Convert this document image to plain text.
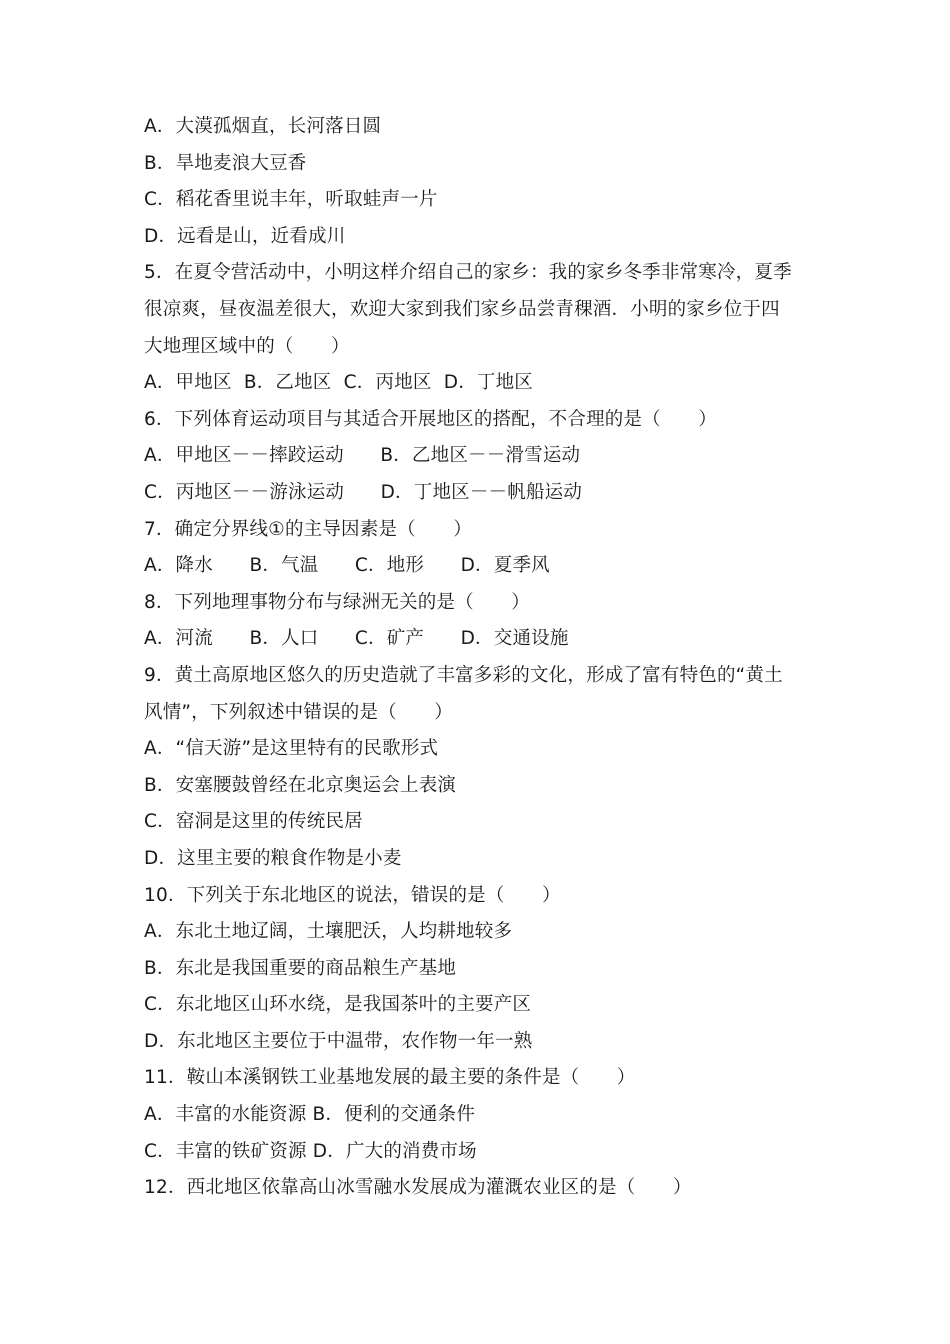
A．大漠孤烟直，长河落日圆
B．旱地麦浪大豆香
C．稻花香里说丰年，听取蛙声一片
D．远看是山，近看成川
5．在夏令营活动中，小明这样介绍自己的家乡：我的家乡冬季非常寒冷，夏季
很凉爽，昼夜温差很大，欢迎大家到我们家乡品尝青稞酒．小明的家乡位于四
大地理区域中的（　　）
A．甲地区  B．乙地区  C．丙地区  D．丁地区
6．下列体育运动项目与其适合开展地区的搭配，不合理的是（　　）
A．甲地区－－摔跤运动      B．乙地区－－滑雪运动
C．丙地区－－游泳运动      D．丁地区－－帆船运动
7．确定分界线①的主导因素是（　　）
A．降水      B．气温      C．地形      D．夏季风
8．下列地理事物分布与绿洲无关的是（　　）
A．河流      B．人口      C．矿产      D．交通设施
9．黄土高原地区悠久的历史造就了丰富多彩的文化，形成了富有特色的“黄土
风情”，下列叙述中错误的是（　　）
A．“信天游”是这里特有的民歌形式
B．安塞腰鼓曾经在北京奥运会上表演
C．窑洞是这里的传统民居
D．这里主要的粮食作物是小麦
10．下列关于东北地区的说法，错误的是（　　）
A．东北土地辽阔，土壤肥沃，人均耕地较多
B．东北是我国重要的商品粮生产基地
C．东北地区山环水绕，是我国茶叶的主要产区
D．东北地区主要位于中温带，农作物一年一熟
11．鞍山本溪钢铁工业基地发展的最主要的条件是（　　）
A．丰富的水能资源 B．便利的交通条件
C．丰富的铁矿资源 D．广大的消费市场
12．西北地区依靠高山冰雪融水发展成为灌溉农业区的是（　　）
